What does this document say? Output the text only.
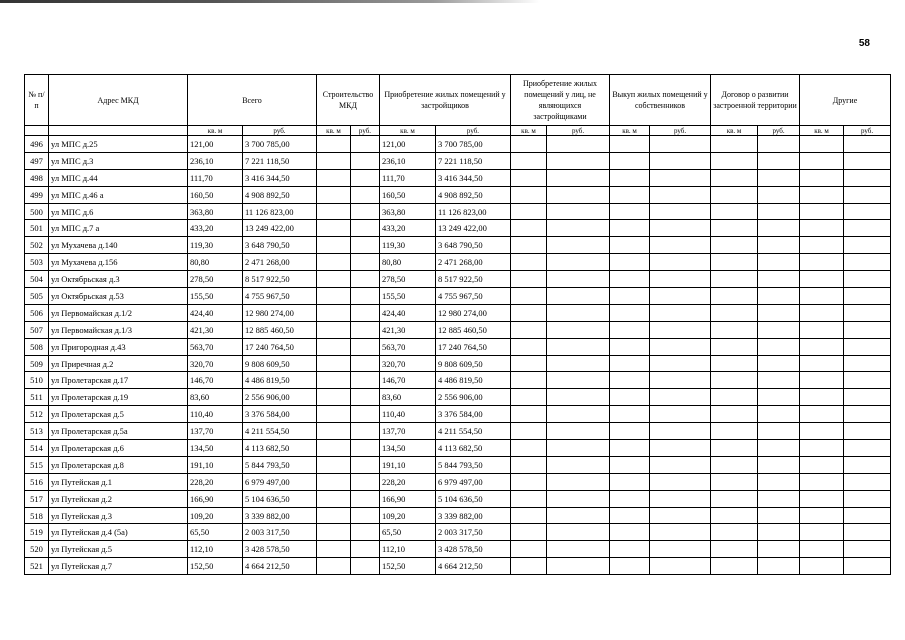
58
№ п/п	Адрес МКД	Всего		Строительство МКД		Приобретение жилых помещений у застройщиков		Приобретение жилых помещений у лиц, не являющихся застройщиками		Выкуп жилых помещений у собственников		Договор о развитии застроенной территории		Другие	
		кв. м	руб.	кв. м	руб.	кв. м	руб.	кв. м	руб.	кв. м	руб.	кв. м	руб.	кв. м	руб.
496	ул МПС д.25	121,00	3 700 785,00			121,00	3 700 785,00								
497	ул МПС д.3	236,10	7 221 118,50			236,10	7 221 118,50								
498	ул МПС д.44	111,70	3 416 344,50			111,70	3 416 344,50								
499	ул МПС д.46 а	160,50	4 908 892,50			160,50	4 908 892,50								
500	ул МПС д.6	363,80	11 126 823,00			363,80	11 126 823,00								
501	ул МПС д.7 а	433,20	13 249 422,00			433,20	13 249 422,00								
502	ул Мухачева д.140	119,30	3 648 790,50			119,30	3 648 790,50								
503	ул Мухачева д.156	80,80	2 471 268,00			80,80	2 471 268,00								
504	ул Октябрьская д.3	278,50	8 517 922,50			278,50	8 517 922,50								
505	ул Октябрьская д.53	155,50	4 755 967,50			155,50	4 755 967,50								
506	ул Первомайская д.1/2	424,40	12 980 274,00			424,40	12 980 274,00								
507	ул Первомайская д.1/3	421,30	12 885 460,50			421,30	12 885 460,50								
508	ул Пригородная д.43	563,70	17 240 764,50			563,70	17 240 764,50								
509	ул Приречная д.2	320,70	9 808 609,50			320,70	9 808 609,50								
510	ул Пролетарская д.17	146,70	4 486 819,50			146,70	4 486 819,50								
511	ул Пролетарская д.19	83,60	2 556 906,00			83,60	2 556 906,00								
512	ул Пролетарская д.5	110,40	3 376 584,00			110,40	3 376 584,00								
513	ул Пролетарская д.5а	137,70	4 211 554,50			137,70	4 211 554,50								
514	ул Пролетарская д.6	134,50	4 113 682,50			134,50	4 113 682,50								
515	ул Пролетарская д.8	191,10	5 844 793,50			191,10	5 844 793,50								
516	ул Путейская д.1	228,20	6 979 497,00			228,20	6 979 497,00								
517	ул Путейская д.2	166,90	5 104 636,50			166,90	5 104 636,50								
518	ул Путейская д.3	109,20	3 339 882,00			109,20	3 339 882,00								
519	ул Путейская д.4 (5а)	65,50	2 003 317,50			65,50	2 003 317,50								
520	ул Путейская д.5	112,10	3 428 578,50			112,10	3 428 578,50								
521	ул Путейская д.7	152,50	4 664 212,50			152,50	4 664 212,50								
